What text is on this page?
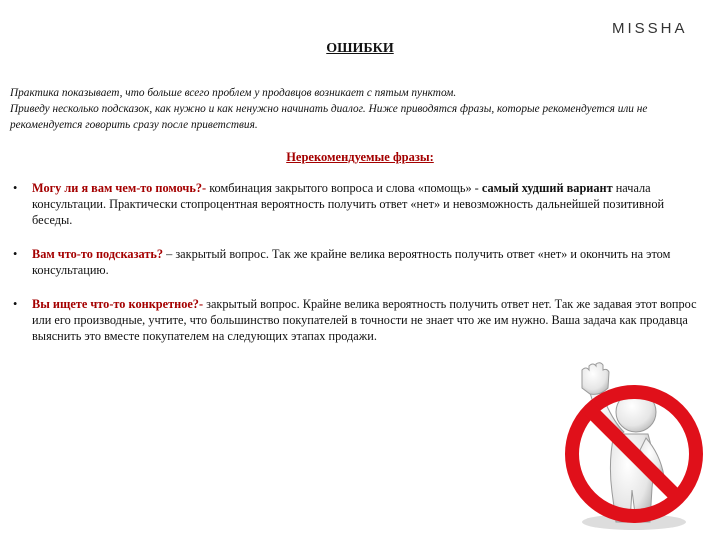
MISSHA
ОШИБКИ

Практика показывает, что больше всего проблем у продавцов возникает с пятым пунктом.

Приведу несколько подсказок, как нужно и как ненужно начинать диалог. Ниже приводятся фразы, которые рекомендуется или не рекомендуется говорить сразу после приветствия.

Нерекомендуемые фразы:
• Могу ли я вам чем-то помочь?- комбинация закрытого вопроса и слова «помощь» - самый худший вариант начала консультации. Практически стопроцентная вероятность получить ответ «нет» и невозможность дальнейшей позитивной беседы.
• Вам что-то подсказать? – закрытый вопрос. Так же крайне велика вероятность получить ответ «нет» и окончить на этом консультацию.
• Вы ищете что-то конкретное?- закрытый вопрос. Крайне велика вероятность получить ответ нет. Так же задавая этот вопрос или его производные, учтите, что большинство покупателей в точности не знает что же им нужно. Ваша задача как продавца выяснить это вместе покупателем на следующих этапах продажи.
